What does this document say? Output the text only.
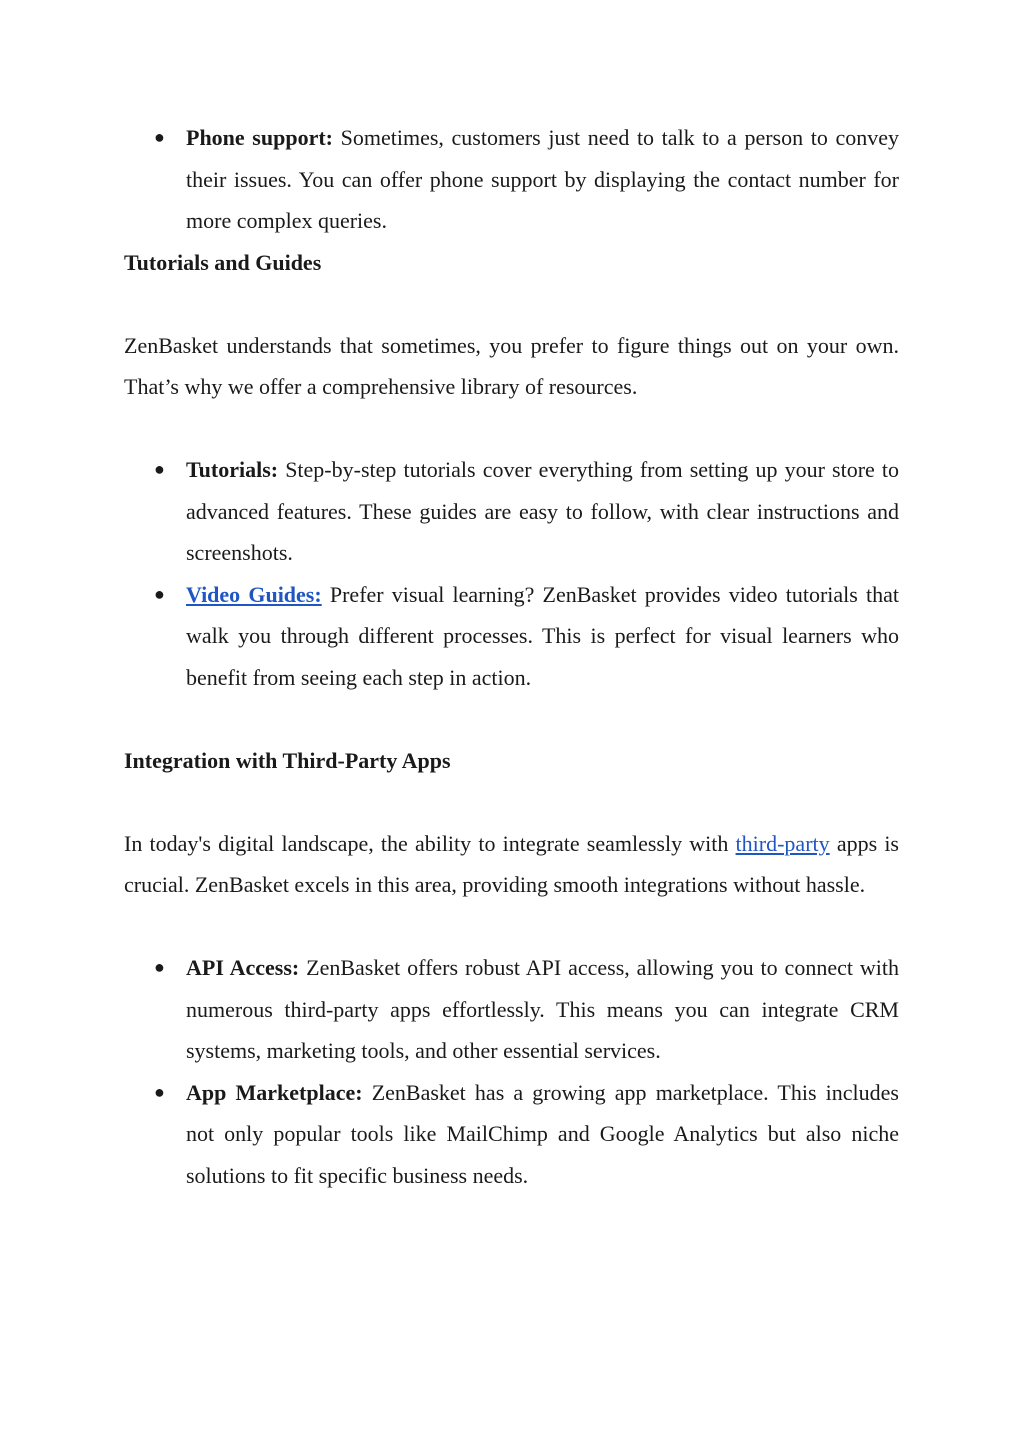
● Phone support: Sometimes, customers just need to talk to a person to convey their issues. You can offer phone support by displaying the contact number for more complex queries.

Tutorials and Guides

ZenBasket understands that sometimes, you prefer to figure things out on your own. That’s why we offer a comprehensive library of resources.

● Tutorials: Step-by-step tutorials cover everything from setting up your store to advanced features. These guides are easy to follow, with clear instructions and screenshots.
● Video Guides: Prefer visual learning? ZenBasket provides video tutorials that walk you through different processes. This is perfect for visual learners who benefit from seeing each step in action.

Integration with Third-Party Apps

In today's digital landscape, the ability to integrate seamlessly with third-party apps is crucial. ZenBasket excels in this area, providing smooth integrations without hassle.

● API Access: ZenBasket offers robust API access, allowing you to connect with numerous third-party apps effortlessly. This means you can integrate CRM systems, marketing tools, and other essential services.
● App Marketplace: ZenBasket has a growing app marketplace. This includes not only popular tools like MailChimp and Google Analytics but also niche solutions to fit specific business needs.
